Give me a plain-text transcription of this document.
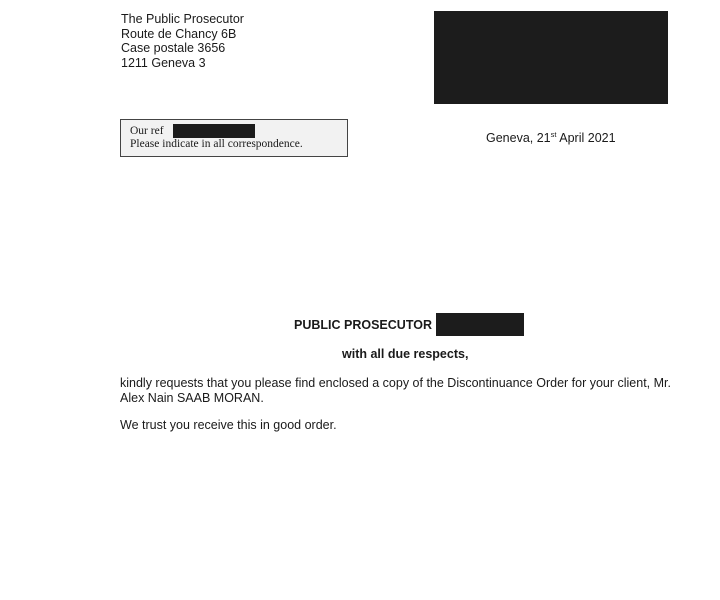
The Public Prosecutor
Route de Chancy 6B
Case postale 3656
1211 Geneva 3
Our ref
Please indicate in all correspondence.	Geneva, 21st April 2021
PUBLIC PROSECUTOR
with all due respects,
kindly requests that you please find enclosed a copy of the Discontinuance Order for your client, Mr. Alex Nain SAAB MORAN.
We trust you receive this in good order.
